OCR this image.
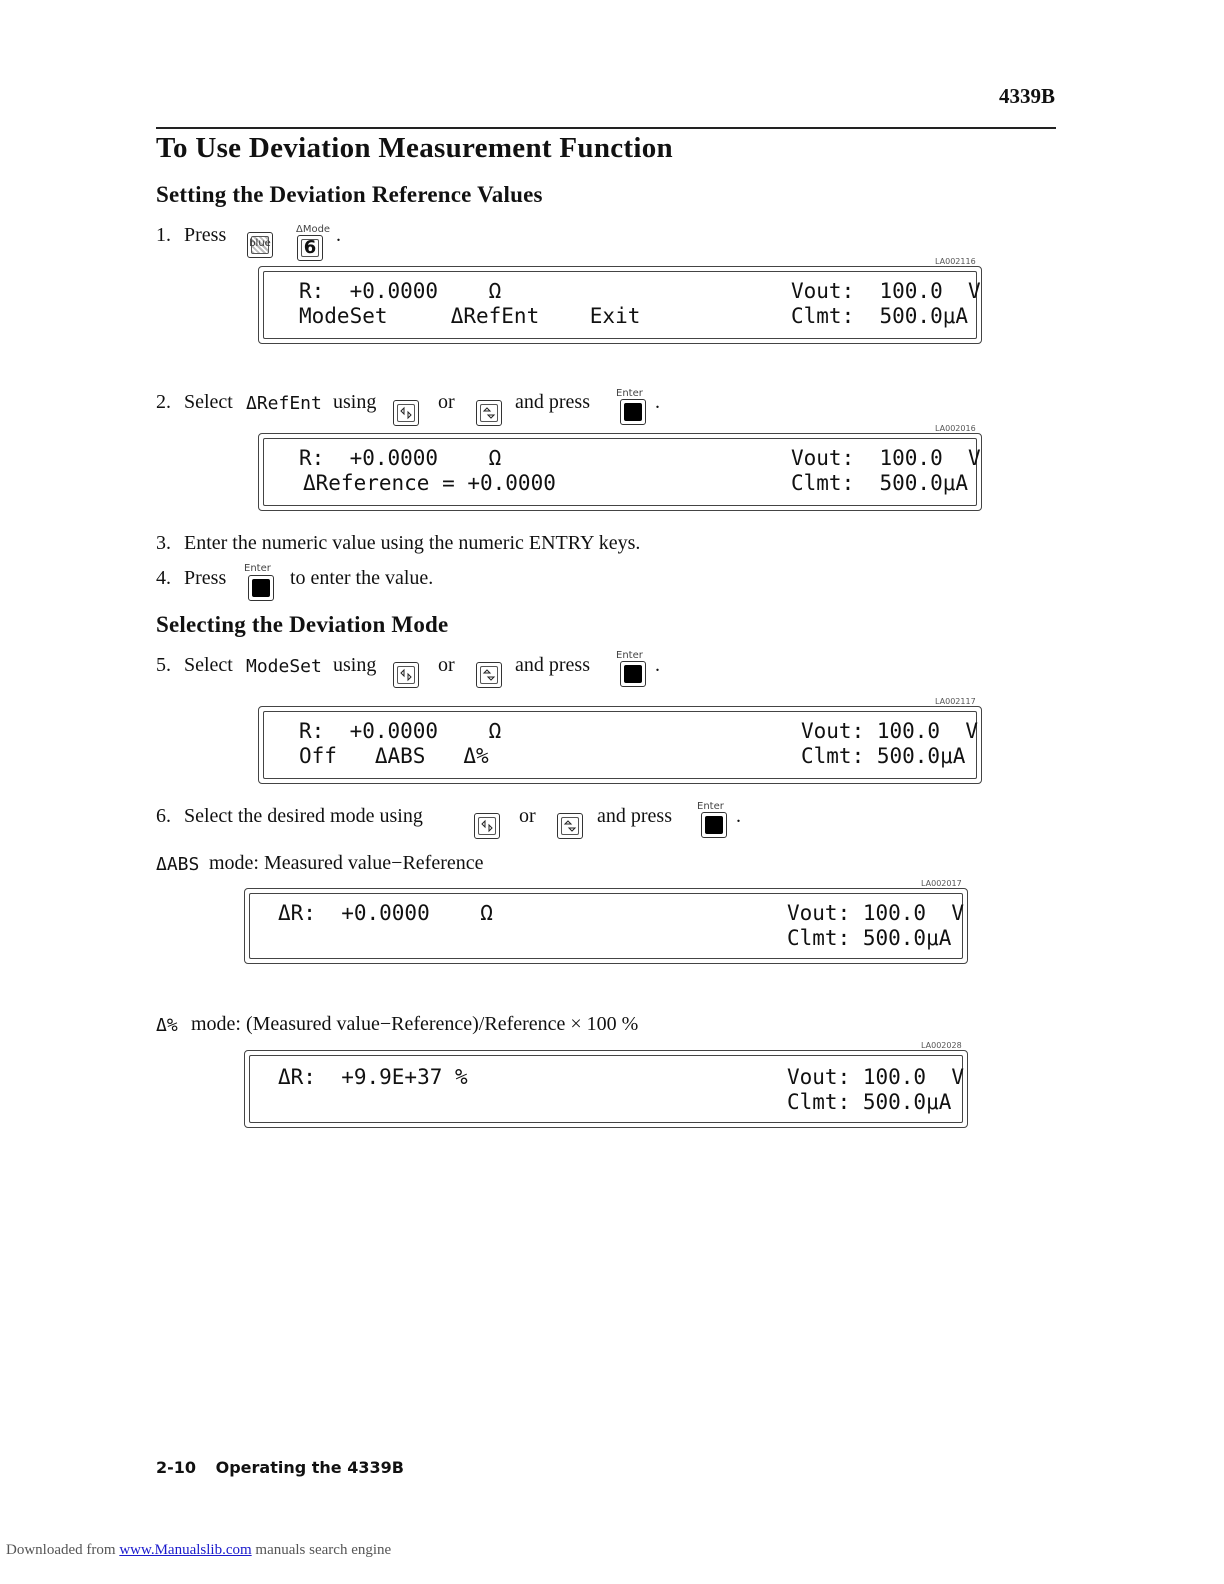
4339B
To Use Deviation Measurement Function
Setting the Deviation Reference Values
1. Press	.
blue
ΔMode
6
LA002116
R:  +0.0000    Ω
ModeSet     ΔRefEnt    Exit
Vout:  100.0  V
Clmt:  500.0μA
2. Select ΔRefEnt using	or	and press	.
Enter
LA002016
R:  +0.0000    Ω
ΔReference = +0.0000
Vout:  100.0  V
Clmt:  500.0μA
3. Enter the numeric value using the numeric ENTRY keys.
4. Press	to enter the value.
Enter
Selecting the Deviation Mode
5. Select ModeSet using	or	and press	.
Enter
LA002117
R:  +0.0000    Ω
Off   ΔABS   Δ%
Vout: 100.0  V
Clmt: 500.0μA
6. Select the desired mode using	or	and press	.
Enter
ΔABS mode: Measured value−Reference
LA002017
ΔR:  +0.0000    Ω	Vout: 100.0  V
Clmt: 500.0μA
Δ% mode: (Measured value−Reference)/Reference × 100 %
LA002028
ΔR:  +9.9E+37 %	Vout: 100.0  V
Clmt: 500.0μA
2-10 Operating the 4339B
Downloaded from www.Manualslib.com manuals search engine
